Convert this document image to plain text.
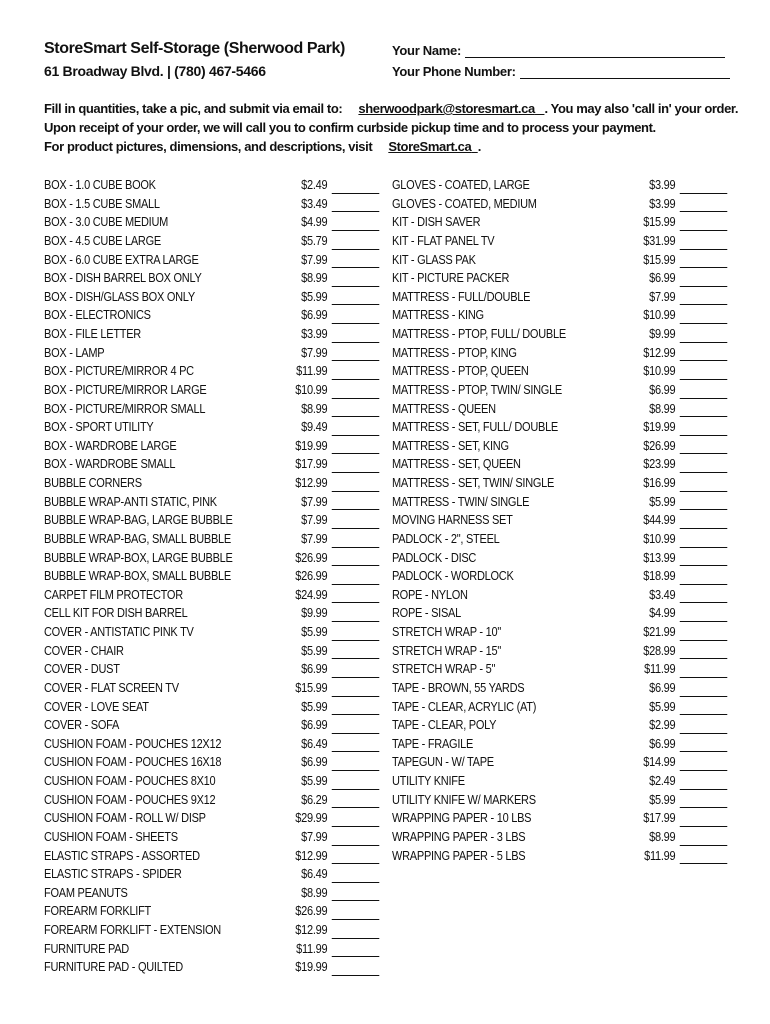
StoreSmart Self-Storage (Sherwood Park)
61 Broadway Blvd. | (780) 467-5466
Your Name:
Your Phone Number:
Fill in quantities, take a pic, and submit via email to: sherwoodpark@storesmart.ca . You may also 'call in' your order.
Upon receipt of your order, we will call you to confirm curbside pickup time and to process your payment.
For product pictures, dimensions, and descriptions, visit StoreSmart.ca .
BOX - 1.0 CUBE BOOK	$2.49
BOX - 1.5 CUBE SMALL	$3.49
BOX - 3.0 CUBE MEDIUM	$4.99
BOX - 4.5 CUBE LARGE	$5.79
BOX - 6.0 CUBE EXTRA LARGE	$7.99
BOX - DISH BARREL BOX ONLY	$8.99
BOX - DISH/GLASS BOX ONLY	$5.99
BOX - ELECTRONICS	$6.99
BOX - FILE LETTER	$3.99
BOX - LAMP	$7.99
BOX - PICTURE/MIRROR 4 PC	$11.99
BOX - PICTURE/MIRROR LARGE	$10.99
BOX - PICTURE/MIRROR SMALL	$8.99
BOX - SPORT UTILITY	$9.49
BOX - WARDROBE LARGE	$19.99
BOX - WARDROBE SMALL	$17.99
BUBBLE CORNERS	$12.99
BUBBLE WRAP-ANTI STATIC, PINK	$7.99
BUBBLE WRAP-BAG, LARGE BUBBLE	$7.99
BUBBLE WRAP-BAG, SMALL BUBBLE	$7.99
BUBBLE WRAP-BOX, LARGE BUBBLE	$26.99
BUBBLE WRAP-BOX, SMALL BUBBLE	$26.99
CARPET FILM PROTECTOR	$24.99
CELL KIT FOR DISH BARREL	$9.99
COVER - ANTISTATIC PINK TV	$5.99
COVER - CHAIR	$5.99
COVER - DUST	$6.99
COVER - FLAT SCREEN TV	$15.99
COVER - LOVE SEAT	$5.99
COVER - SOFA	$6.99
CUSHION FOAM - POUCHES 12X12	$6.49
CUSHION FOAM - POUCHES 16X18	$6.99
CUSHION FOAM - POUCHES 8X10	$5.99
CUSHION FOAM - POUCHES 9X12	$6.29
CUSHION FOAM - ROLL W/ DISP	$29.99
CUSHION FOAM - SHEETS	$7.99
ELASTIC STRAPS - ASSORTED	$12.99
ELASTIC STRAPS - SPIDER	$6.49
FOAM PEANUTS	$8.99
FOREARM FORKLIFT	$26.99
FOREARM FORKLIFT - EXTENSION	$12.99
FURNITURE PAD	$11.99
FURNITURE PAD - QUILTED	$19.99
GLOVES - COATED, LARGE	$3.99
GLOVES - COATED, MEDIUM	$3.99
KIT - DISH SAVER	$15.99
KIT - FLAT PANEL TV	$31.99
KIT - GLASS PAK	$15.99
KIT - PICTURE PACKER	$6.99
MATTRESS - FULL/DOUBLE	$7.99
MATTRESS - KING	$10.99
MATTRESS - PTOP, FULL/ DOUBLE	$9.99
MATTRESS - PTOP, KING	$12.99
MATTRESS - PTOP, QUEEN	$10.99
MATTRESS - PTOP, TWIN/ SINGLE	$6.99
MATTRESS - QUEEN	$8.99
MATTRESS - SET, FULL/ DOUBLE	$19.99
MATTRESS - SET, KING	$26.99
MATTRESS - SET, QUEEN	$23.99
MATTRESS - SET, TWIN/ SINGLE	$16.99
MATTRESS - TWIN/ SINGLE	$5.99
MOVING HARNESS SET	$44.99
PADLOCK - 2", STEEL	$10.99
PADLOCK - DISC	$13.99
PADLOCK - WORDLOCK	$18.99
ROPE - NYLON	$3.49
ROPE - SISAL	$4.99
STRETCH WRAP - 10"	$21.99
STRETCH WRAP - 15"	$28.99
STRETCH WRAP - 5"	$11.99
TAPE - BROWN, 55 YARDS	$6.99
TAPE - CLEAR, ACRYLIC (AT)	$5.99
TAPE - CLEAR, POLY	$2.99
TAPE - FRAGILE	$6.99
TAPEGUN - W/ TAPE	$14.99
UTILITY KNIFE	$2.49
UTILITY KNIFE W/ MARKERS	$5.99
WRAPPING PAPER - 10 LBS	$17.99
WRAPPING PAPER - 3 LBS	$8.99
WRAPPING PAPER - 5 LBS	$11.99
